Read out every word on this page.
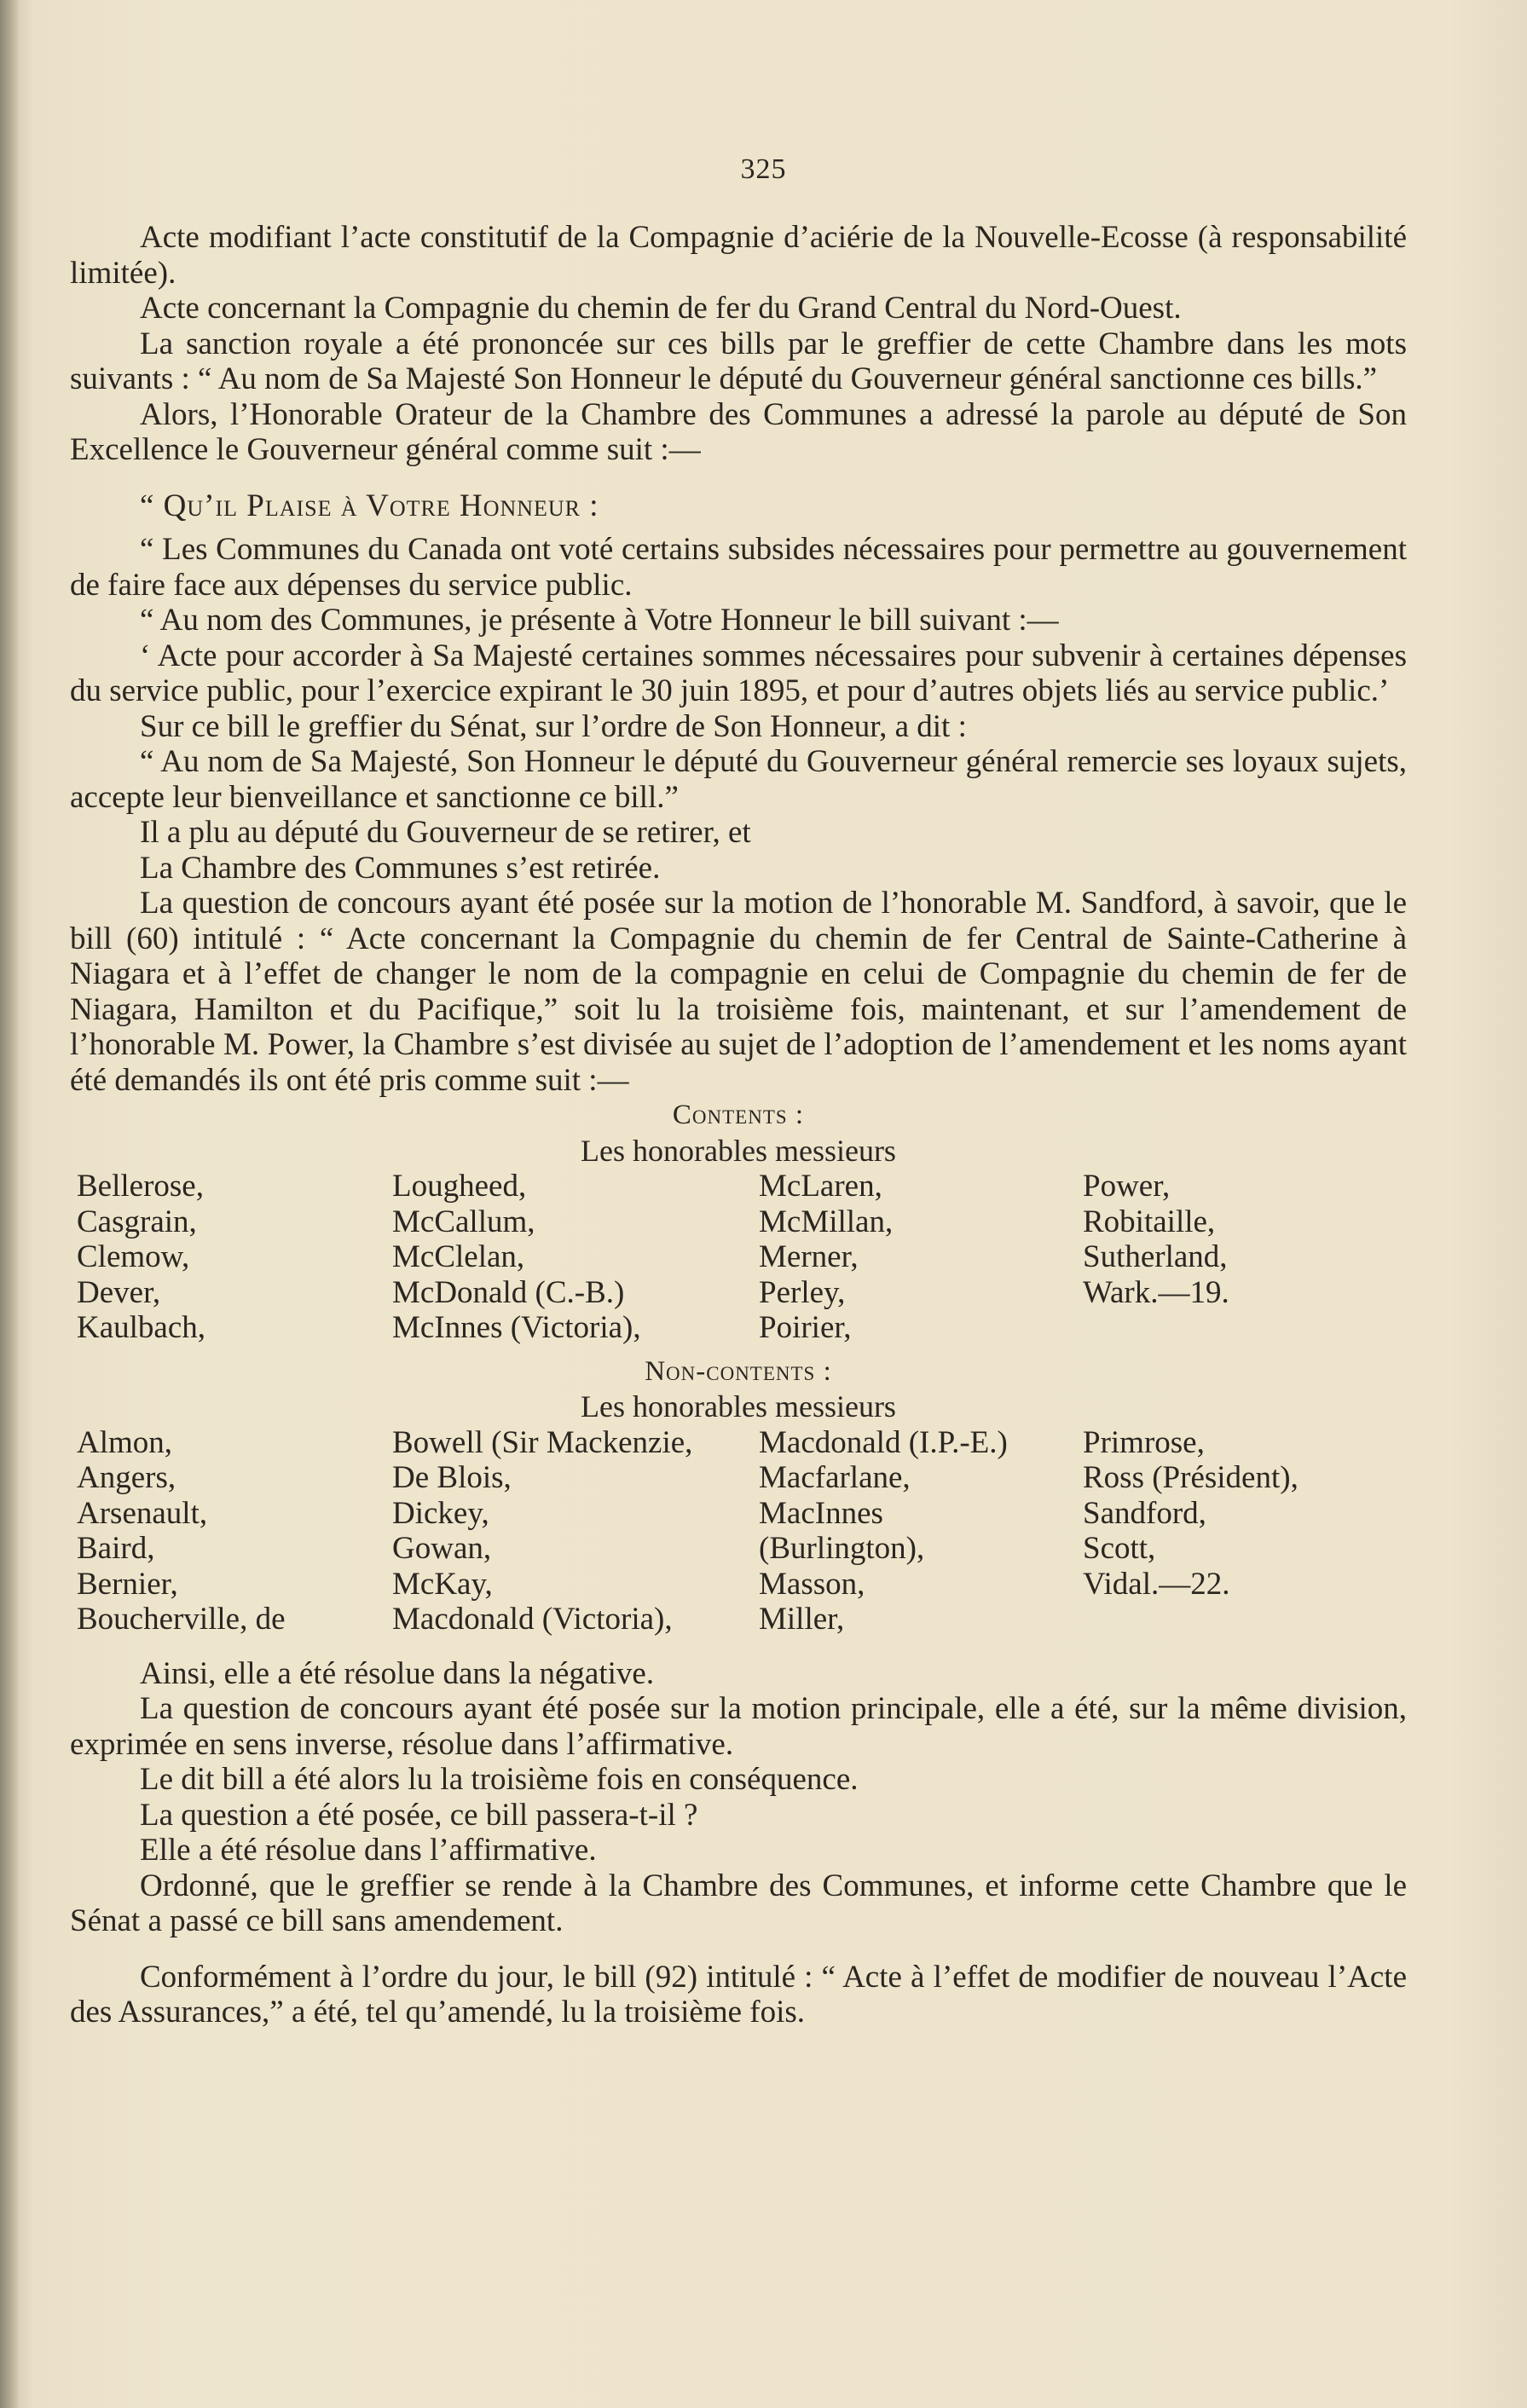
325

Acte modifiant l’acte constitutif de la Compagnie d’aciérie de la Nouvelle-Ecosse (à responsabilité limitée).

Acte concernant la Compagnie du chemin de fer du Grand Central du Nord-Ouest.

La sanction royale a été prononcée sur ces bills par le greffier de cette Chambre dans les mots suivants : “ Au nom de Sa Majesté Son Honneur le député du Gouverneur général sanctionne ces bills.”

Alors, l’Honorable Orateur de la Chambre des Communes a adressé la parole au député de Son Excellence le Gouverneur général comme suit :—

“ Qu’il Plaise à Votre Honneur :

“ Les Communes du Canada ont voté certains subsides nécessaires pour permettre au gouvernement de faire face aux dépenses du service public.

“ Au nom des Communes, je présente à Votre Honneur le bill suivant :—

‘ Acte pour accorder à Sa Majesté certaines sommes nécessaires pour subvenir à certaines dépenses du service public, pour l’exercice expirant le 30 juin 1895, et pour d’autres objets liés au service public.’

Sur ce bill le greffier du Sénat, sur l’ordre de Son Honneur, a dit :

“ Au nom de Sa Majesté, Son Honneur le député du Gouverneur général remercie ses loyaux sujets, accepte leur bienveillance et sanctionne ce bill.”

Il a plu au député du Gouverneur de se retirer, et

La Chambre des Communes s’est retirée.

La question de concours ayant été posée sur la motion de l’honorable M. Sandford, à savoir, que le bill (60) intitulé : “ Acte concernant la Compagnie du chemin de fer Central de Sainte-Catherine à Niagara et à l’effet de changer le nom de la compagnie en celui de Compagnie du chemin de fer de Niagara, Hamilton et du Pacifique,” soit lu la troisième fois, maintenant, et sur l’amendement de l’honorable M. Power, la Chambre s’est divisée au sujet de l’adoption de l’amendement et les noms ayant été demandés ils ont été pris comme suit :—

Contents :

Les honorables messieurs

Bellerose,	Lougheed,	McLaren,	Power,
Casgrain,	McCallum,	McMillan,	Robitaille,
Clemow,	McClelan,	Merner,	Sutherland,
Dever,	McDonald (C.-B.)	Perley,	Wark.—19.
Kaulbach,	McInnes (Victoria),	Poirier,	

Non-contents :

Les honorables messieurs

Almon,	Bowell (Sir Mackenzie,	Macdonald (I.P.-E.)	Primrose,
Angers,	De Blois,	Macfarlane,	Ross (Président),
Arsenault,	Dickey,	MacInnes	Sandford,
Baird,	Gowan,	(Burlington),	Scott,
Bernier,	McKay,	Masson,	Vidal.—22.
Boucherville, de	Macdonald (Victoria),	Miller,	

Ainsi, elle a été résolue dans la négative.

La question de concours ayant été posée sur la motion principale, elle a été, sur la même division, exprimée en sens inverse, résolue dans l’affirmative.

Le dit bill a été alors lu la troisième fois en conséquence.

La question a été posée, ce bill passera-t-il ?

Elle a été résolue dans l’affirmative.

Ordonné, que le greffier se rende à la Chambre des Communes, et informe cette Chambre que le Sénat a passé ce bill sans amendement.

Conformément à l’ordre du jour, le bill (92) intitulé : “ Acte à l’effet de modifier de nouveau l’Acte des Assurances,” a été, tel qu’amendé, lu la troisième fois.
